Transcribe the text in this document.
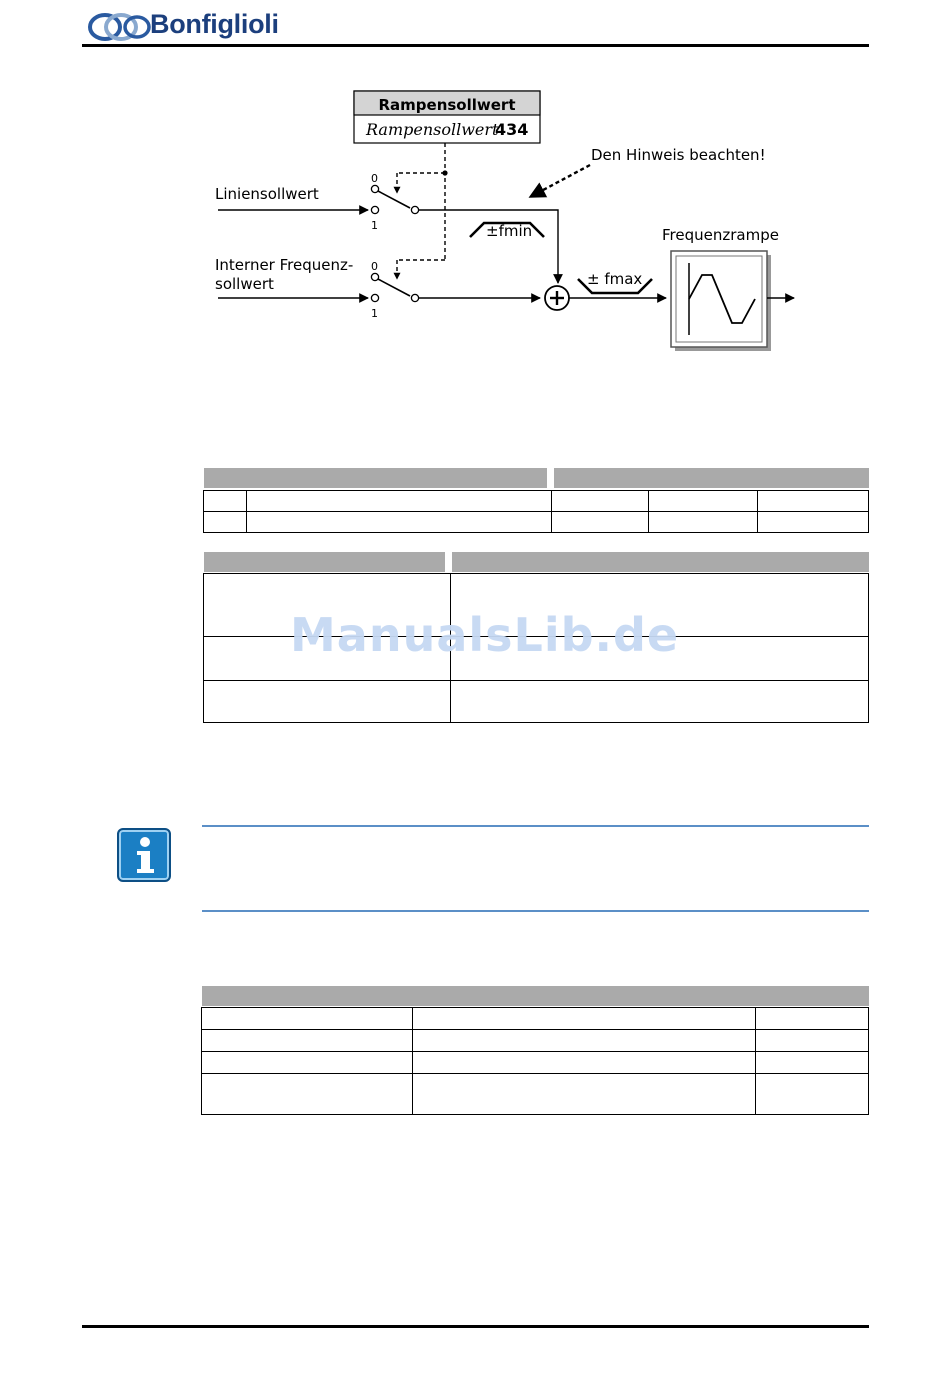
Bonfiglioli
Rampensollwert
Rampensollwert
434
Den Hinweis beachten!
Liniensollwert
0
1	±fmin
Interner Frequenz-
sollwert
0
1
± fmax
Frequenzrampe

ManualsLib.de
